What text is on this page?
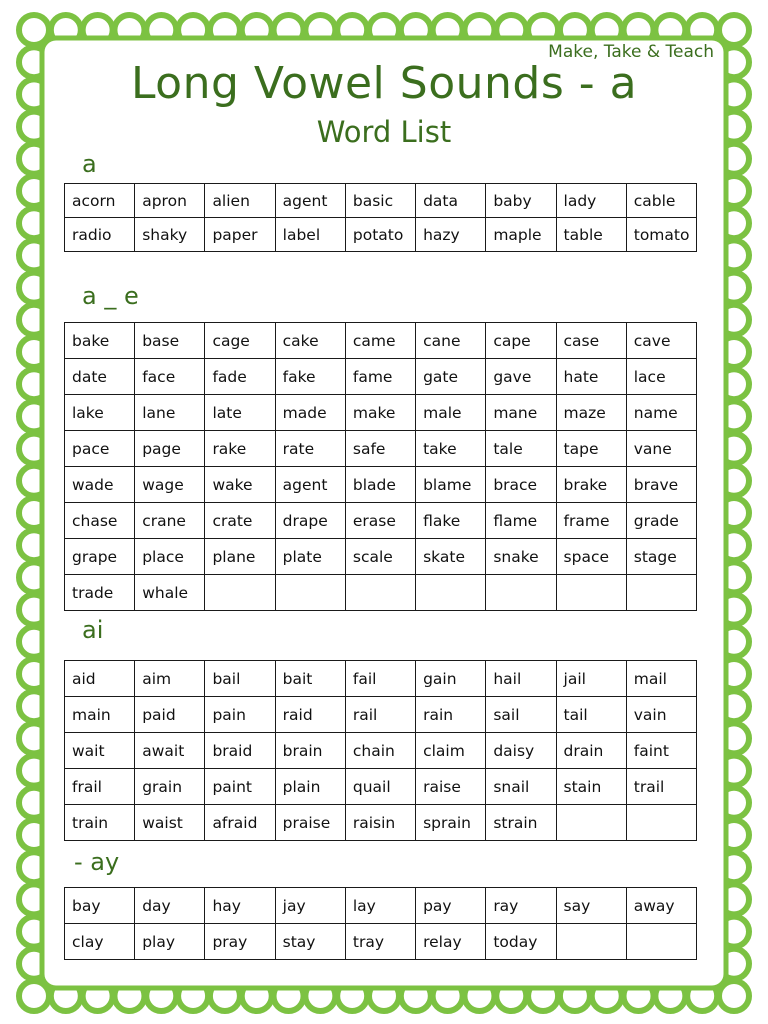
Make, Take & Teach
Long Vowel Sounds - a
Word List
a
acorn	apron	alien	agent	basic	data	baby	lady	cable
radio	shaky	paper	label	potato	hazy	maple	table	tomato
a _ e
bake	base	cage	cake	came	cane	cape	case	cave
date	face	fade	fake	fame	gate	gave	hate	lace
lake	lane	late	made	make	male	mane	maze	name
pace	page	rake	rate	safe	take	tale	tape	vane
wade	wage	wake	agent	blade	blame	brace	brake	brave
chase	crane	crate	drape	erase	flake	flame	frame	grade
grape	place	plane	plate	scale	skate	snake	space	stage
trade	whale							
ai
aid	aim	bail	bait	fail	gain	hail	jail	mail
main	paid	pain	raid	rail	rain	sail	tail	vain
wait	await	braid	brain	chain	claim	daisy	drain	faint
frail	grain	paint	plain	quail	raise	snail	stain	trail
train	waist	afraid	praise	raisin	sprain	strain		
- ay
bay	day	hay	jay	lay	pay	ray	say	away
clay	play	pray	stay	tray	relay	today		
